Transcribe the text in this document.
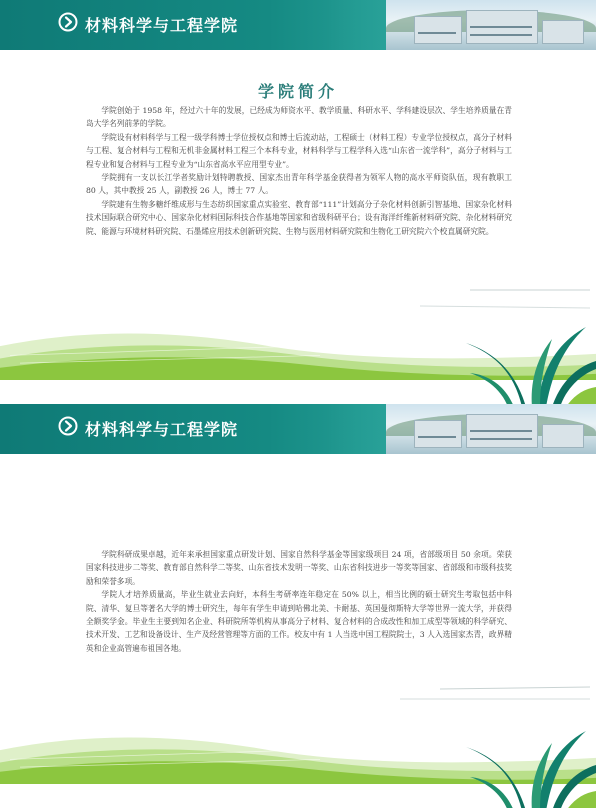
材料科学与工程学院
学院简介

学院创始于 1958 年，经过六十年的发展，已经成为师资水平、教学质量、科研水平、学科建设层次、学生培养质量在青岛大学名列前茅的学院。

学院设有材料科学与工程一级学科博士学位授权点和博士后流动站，工程硕士（材料工程）专业学位授权点，高分子材料与工程、复合材料与工程和无机非金属材料工程三个本科专业，材料科学与工程学科入选“山东省一流学科”，高分子材料与工程专业和复合材料与工程专业为“山东省高水平应用型专业”。

学院拥有一支以长江学者奖励计划特聘教授、国家杰出青年科学基金获得者为领军人物的高水平师资队伍，现有教职工 80 人，其中教授 25 人，副教授 26 人，博士 77 人。

学院建有生物多糖纤维成形与生态纺织国家重点实验室、教育部“111”计划高分子杂化材料创新引智基地、国家杂化材料技术国际联合研究中心、国家杂化材料国际科技合作基地等国家和省级科研平台；设有海洋纤维新材料研究院、杂化材料研究院、能源与环境材料研究院、石墨烯应用技术创新研究院、生物与医用材料研究院和生物化工研究院六个校直属研究院。

材料科学与工程学院

学院科研成果卓越，近年来承担国家重点研发计划、国家自然科学基金等国家级项目 24 项，省部级项目 50 余项。荣获国家科技进步二等奖、教育部自然科学二等奖、山东省技术发明一等奖、山东省科技进步一等奖等国家、省部级和市级科技奖励和荣誉多项。

学院人才培养质量高，毕业生就业去向好，本科生考研率连年稳定在 50% 以上，相当比例的硕士研究生考取包括中科院、清华、复旦等著名大学的博士研究生，每年有学生申请到哈佛北美、卡耐基、英国曼彻斯特大学等世界一流大学，并获得全额奖学金。毕业生主要到知名企业、科研院所等机构从事高分子材料、复合材料的合成改性和加工成型等领域的科学研究、技术开发、工艺和设备设计、生产及经营管理等方面的工作。校友中有 1 人当选中国工程院院士，3 人入选国家杰青，政界精英和企业高管遍布祖国各地。
